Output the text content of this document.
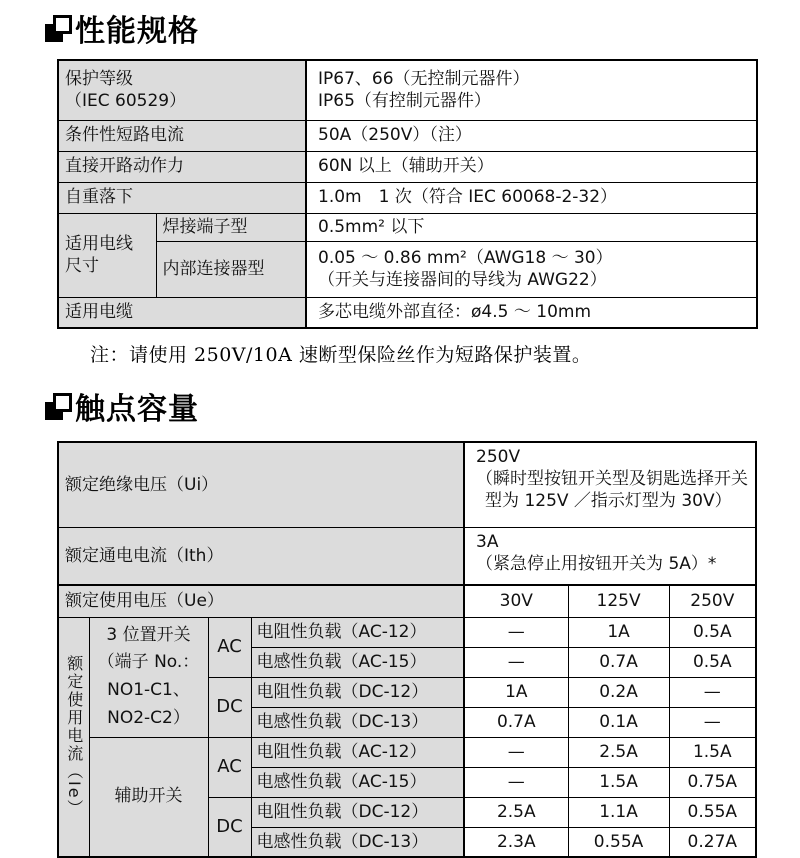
性能规格
保护等级
（IEC 60529）		IP67、66（无控制元器件）
IP65（有控制元器件）

条件性短路电流		50A（250V）（注）
直接开路动作力		60N 以上（辅助开关）
自重落下		1.0m　1 次（符合 IEC 60068-2-32）

适用电线
尺寸	焊接端子型	0.5mm² 以下
	内部连接器型	0.05 ～ 0.86 mm²（AWG18 ～ 30）
（开关与连接器间的导线为 AWG22）

适用电缆		多芯电缆外部直径：ø4.5 ～ 10mm
注：请使用 250V/10A 速断型保险丝作为短路保护装置。
触点容量
额定绝缘电压（Ui）				250V
（瞬时型按钮开关型及钥匙选择开关
型为 125V ／指示灯型为 30V）		

额定通电电流（Ith）				3A
（紧急停止用按钮开关为 5A）*		

额定使用电压（Ue）				30V	125V	250V

额定使用电流（Ie）	3 位置开关
（端子 No.：
NO1-C1、
NO2-C2）	AC	电阻性负载（AC-12）	—	1A	0.5A
			电感性负载（AC-15）	—	0.7A	0.5A
		DC	电阻性负载（DC-12）	1A	0.2A	—
			电感性负载（DC-13）	0.7A	0.1A	—

	辅助开关	AC	电阻性负载（AC-12）	—	2.5A	1.5A
			电感性负载（AC-15）	—	1.5A	0.75A
		DC	电阻性负载（DC-12）	2.5A	1.1A	0.55A
			电感性负载（DC-13）	2.3A	0.55A	0.27A
